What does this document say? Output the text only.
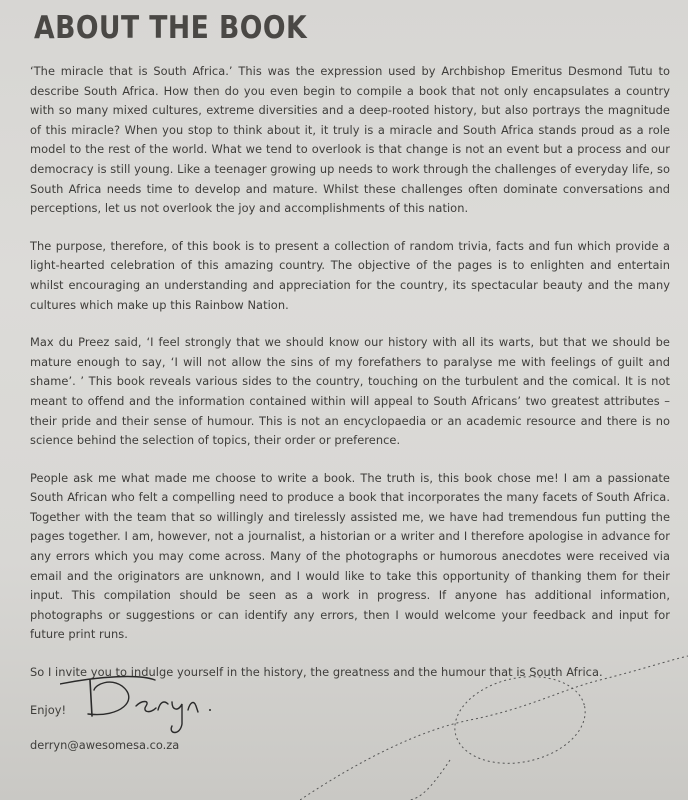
ABOUT THE BOOK

‘The miracle that is South Africa.’ This was the expression used by Archbishop Emeritus Desmond Tutu to describe South Africa. How then do you even begin to compile a book that not only encapsulates a country with so many mixed cultures, extreme diversities and a deep-rooted history, but also portrays the magnitude of this miracle? When you stop to think about it, it truly is a miracle and South Africa stands proud as a role model to the rest of the world. What we tend to overlook is that change is not an event but a process and our democracy is still young. Like a teenager growing up needs to work through the challenges of everyday life, so South Africa needs time to develop and mature. Whilst these challenges often dominate conversations and perceptions, let us not overlook the joy and accomplishments of this nation.

The purpose, therefore, of this book is to present a collection of random trivia, facts and fun which provide a light-hearted celebration of this amazing country. The objective of the pages is to enlighten and entertain whilst encouraging an understanding and appreciation for the country, its spectacular beauty and the many cultures which make up this Rainbow Nation.

Max du Preez said, ‘I feel strongly that we should know our history with all its warts, but that we should be mature enough to say, ‘I will not allow the sins of my forefathers to paralyse me with feelings of guilt and shame’. ’ This book reveals various sides to the country, touching on the turbulent and the comical. It is not meant to offend and the information contained within will appeal to South Africans’ two greatest attributes – their pride and their sense of humour. This is not an encyclopaedia or an academic resource and there is no science behind the selection of topics, their order or preference.

People ask me what made me choose to write a book. The truth is, this book chose me! I am a passionate South African who felt a compelling need to produce a book that incorporates the many facets of South Africa. Together with the team that so willingly and tirelessly assisted me, we have had tremendous fun putting the pages together. I am, however, not a journalist, a historian or a writer and I therefore apologise in advance for any errors which you may come across. Many of the photographs or humorous anecdotes were received via email and the originators are unknown, and I would like to take this opportunity of thanking them for their input. This compilation should be seen as a work in progress. If anyone has additional information, photographs or suggestions or can identify any errors, then I would welcome your feedback and input for future print runs.

So I invite you to indulge yourself in the history, the greatness and the humour that is South Africa.

Enjoy!

derryn@awesomesa.co.za
